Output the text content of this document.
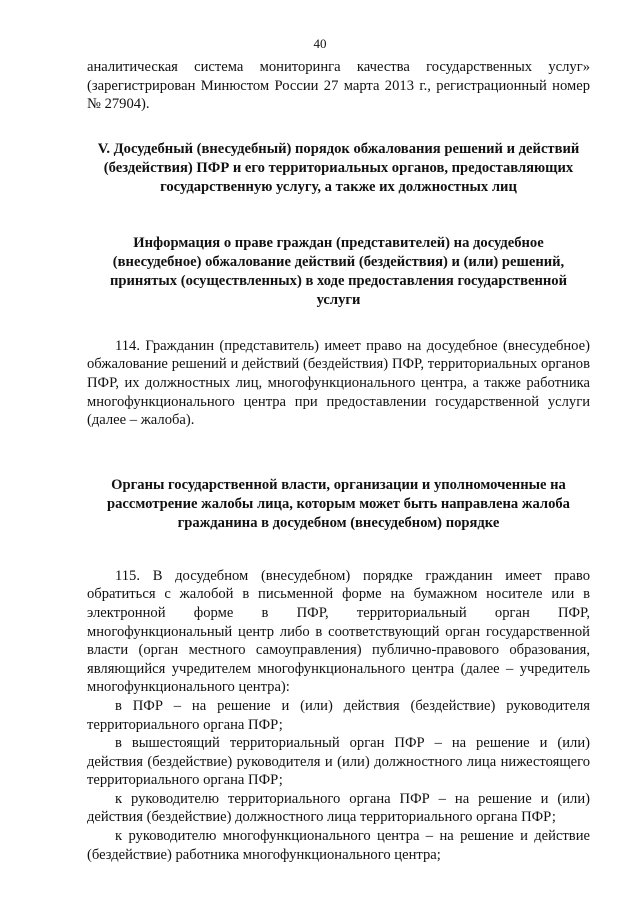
40

аналитическая система мониторинга качества государственных услуг» (зарегистрирован Минюстом России 27 марта 2013 г., регистрационный номер № 27904).

V. Досудебный (внесудебный) порядок обжалования решений и действий (бездействия) ПФР и его территориальных органов, предоставляющих государственную услугу, а также их должностных лиц

Информация о праве граждан (представителей) на досудебное (внесудебное) обжалование действий (бездействия) и (или) решений, принятых (осуществленных) в ходе предоставления государственной услуги

114. Гражданин (представитель) имеет право на досудебное (внесудебное) обжалование решений и действий (бездействия) ПФР, территориальных органов ПФР, их должностных лиц, многофункционального центра, а также работника многофункционального центра при предоставлении государственной услуги (далее – жалоба).

Органы государственной власти, организации и уполномоченные на рассмотрение жалобы лица, которым может быть направлена жалоба гражданина в досудебном (внесудебном) порядке

115. В досудебном (внесудебном) порядке гражданин имеет право обратиться с жалобой в письменной форме на бумажном носителе или в электронной форме в ПФР, территориальный орган ПФР, многофункциональный центр либо в соответствующий орган государственной власти (орган местного самоуправления) публично-правового образования, являющийся учредителем многофункционального центра (далее – учредитель многофункционального центра):

в ПФР – на решение и (или) действия (бездействие) руководителя территориального органа ПФР;

в вышестоящий территориальный орган ПФР – на решение и (или) действия (бездействие) руководителя и (или) должностного лица нижестоящего территориального органа ПФР;

к руководителю территориального органа ПФР – на решение и (или) действия (бездействие) должностного лица территориального органа ПФР;

к руководителю многофункционального центра – на решение и действие (бездействие) работника многофункционального центра;
